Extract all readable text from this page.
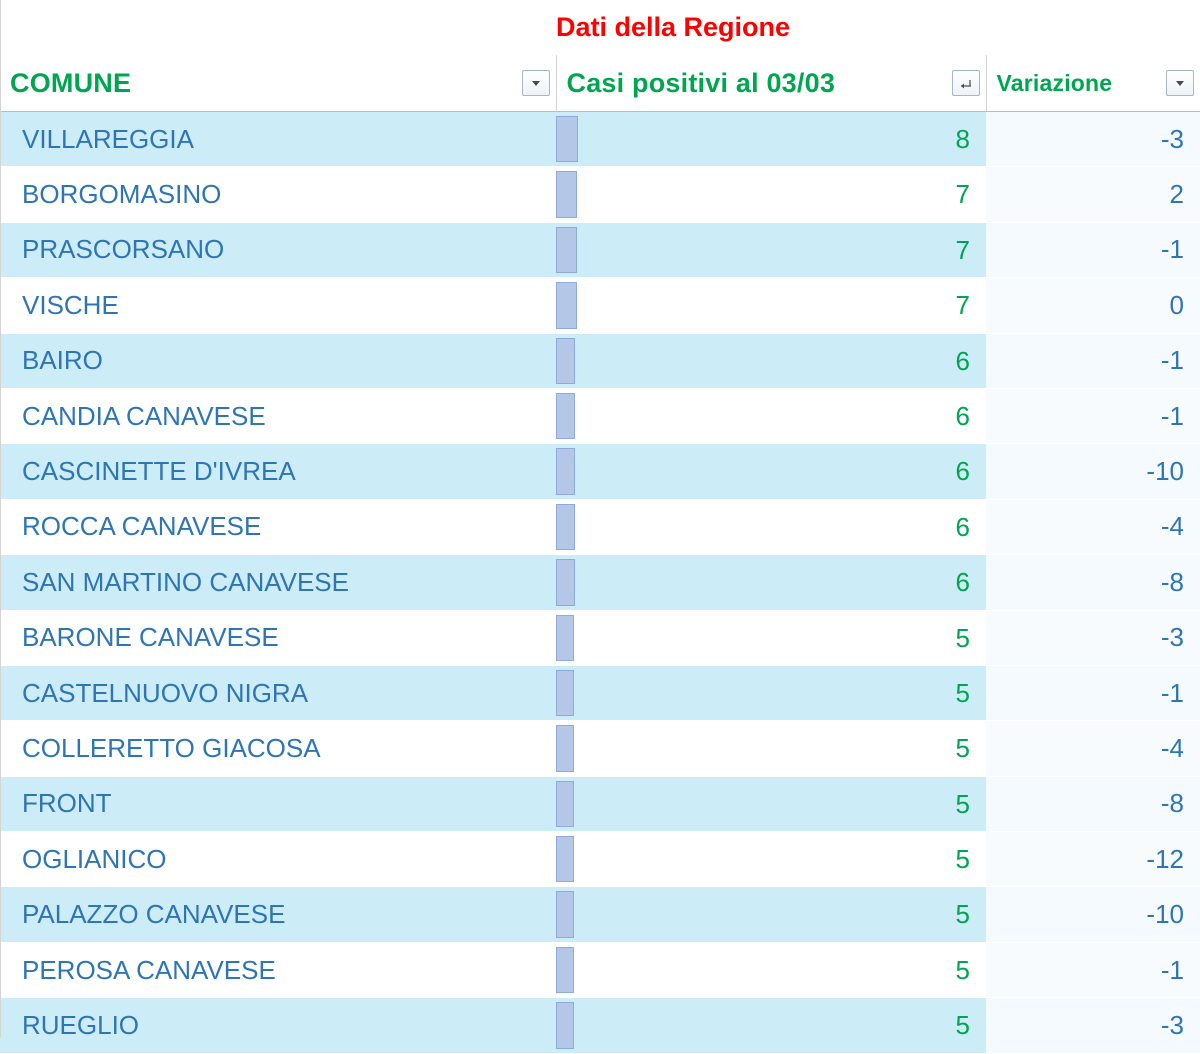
	Dati della Regione	

COMUNE	Casi positivi al 03/03	Variazione

VILLAREGGIA	8	-3
BORGOMASINO	7	2
PRASCORSANO	7	-1
VISCHE	7	0
BAIRO	6	-1
CANDIA CANAVESE	6	-1
CASCINETTE D'IVREA	6	-10
ROCCA CANAVESE	6	-4
SAN MARTINO CANAVESE	6	-8
BARONE CANAVESE	5	-3
CASTELNUOVO NIGRA	5	-1
COLLERETTO GIACOSA	5	-4
FRONT	5	-8
OGLIANICO	5	-12
PALAZZO CANAVESE	5	-10
PEROSA CANAVESE	5	-1
RUEGLIO	5	-3
